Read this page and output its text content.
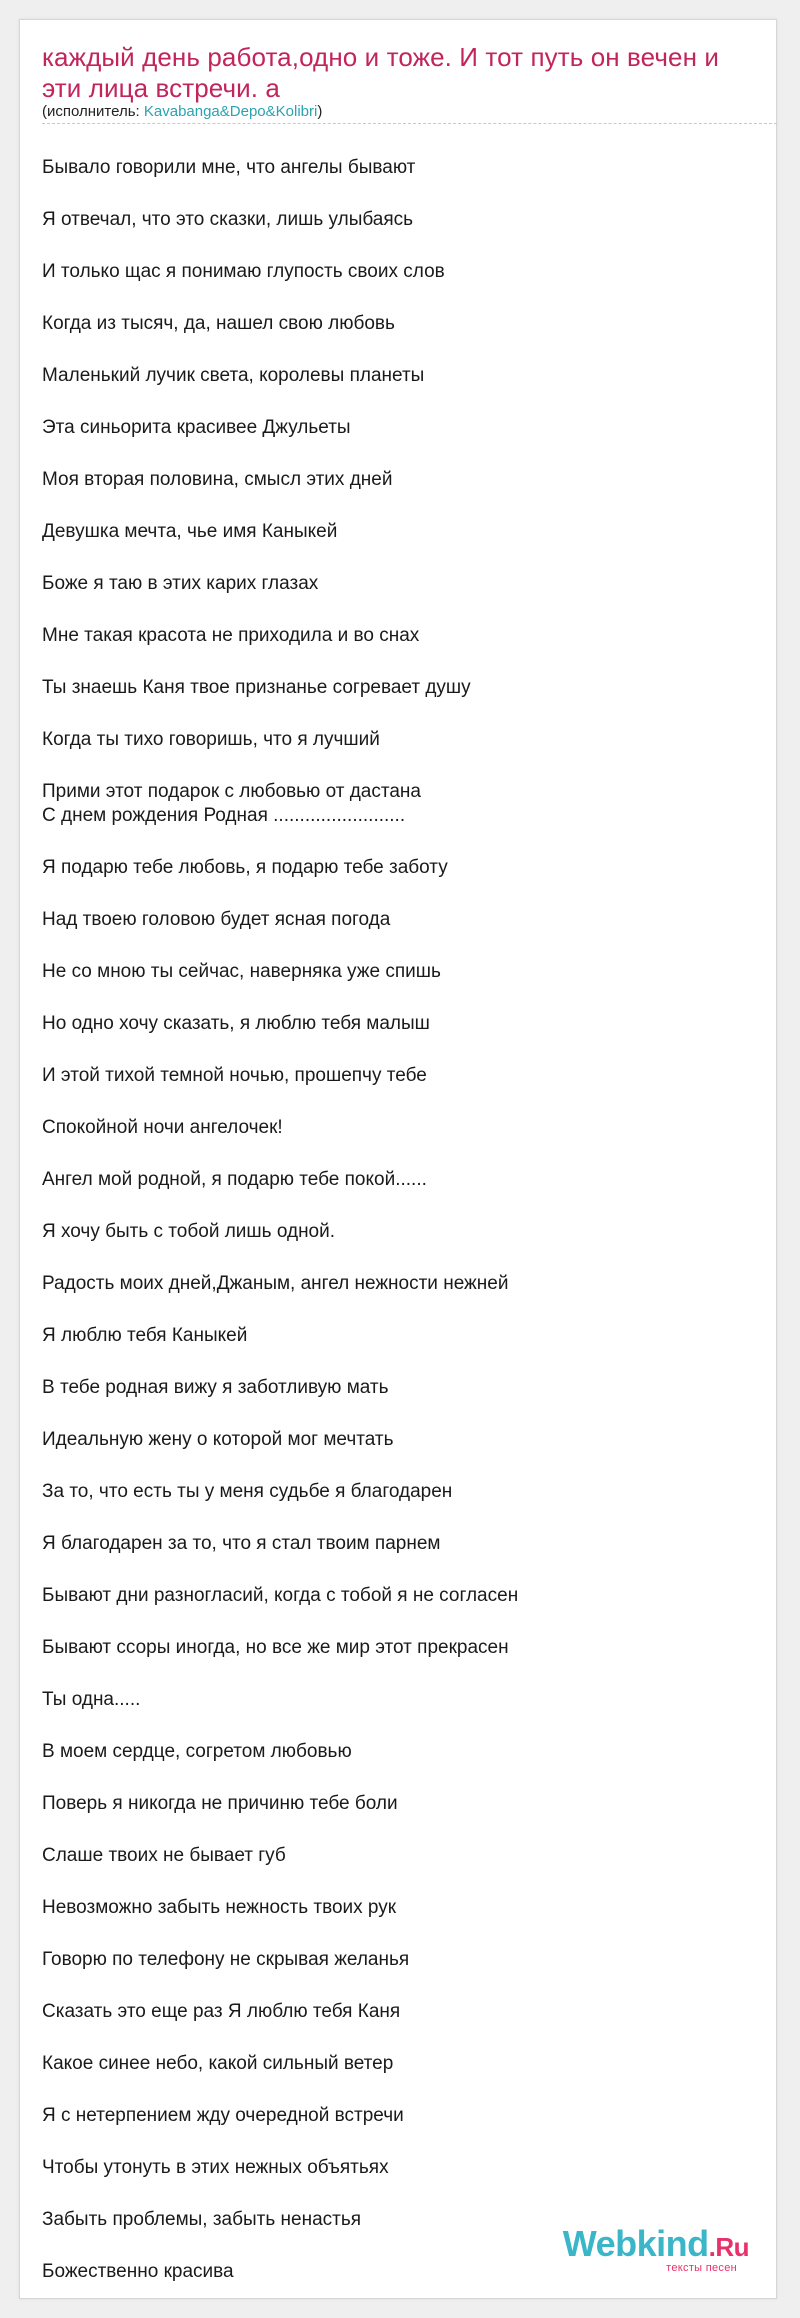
каждый день работа,одно и тоже. И тот путь он вечен и эти лица встречи. а
(исполнитель: Kavabanga&Depo&Kolibri)
Бывало говорили мне, что ангелы бывают
Я отвечал, что это сказки, лишь улыбаясь
И только щас я понимаю глупость своих слов
Когда из тысяч, да, нашел свою любовь
Маленький лучик света, королевы планеты
Эта синьорита красивее Джульеты
Моя вторая половина, смысл этих дней
Девушка мечта, чье имя Каныкей
Боже я таю в этих карих глазах
Мне такая красота не приходила и во снах
Ты знаешь Каня твое признанье согревает душу
Когда ты тихо говоришь, что я лучший
Прими этот подарок с любовью от дастана
С днем рождения Родная .........................
Я подарю тебе любовь, я подарю тебе заботу
Над твоею головою будет ясная погода
Не со мною ты сейчас, наверняка уже спишь
Но одно хочу сказать, я люблю тебя малыш
И этой тихой темной ночью, прошепчу тебе
Спокойной ночи ангелочек!
Ангел мой родной, я подарю тебе покой......
Я хочу быть с тобой лишь одной.
Радость моих дней,Джаным, ангел нежности нежней
Я люблю тебя Каныкей
В тебе родная вижу я заботливую мать
Идеальную жену о которой мог мечтать
За то, что есть ты у меня судьбе я благодарен
Я благодарен за то, что я стал твоим парнем
Бывают дни разногласий, когда с тобой я не согласен
Бывают ссоры иногда, но все же мир этот прекрасен
Ты одна.....
В моем сердце, согретом любовью
Поверь я никогда не причиню тебе боли
Слаше твоих не бывает губ
Невозможно забыть нежность твоих рук
Говорю по телефону не скрывая желанья
Сказать это еще раз Я люблю тебя Каня
Какое синее небо, какой сильный ветер
Я с нетерпением жду очередной встречи
Чтобы утонуть в этих нежных объятьях
Забыть проблемы, забыть ненастья
Божественно красива
Webkind.Ru
тексты песен
